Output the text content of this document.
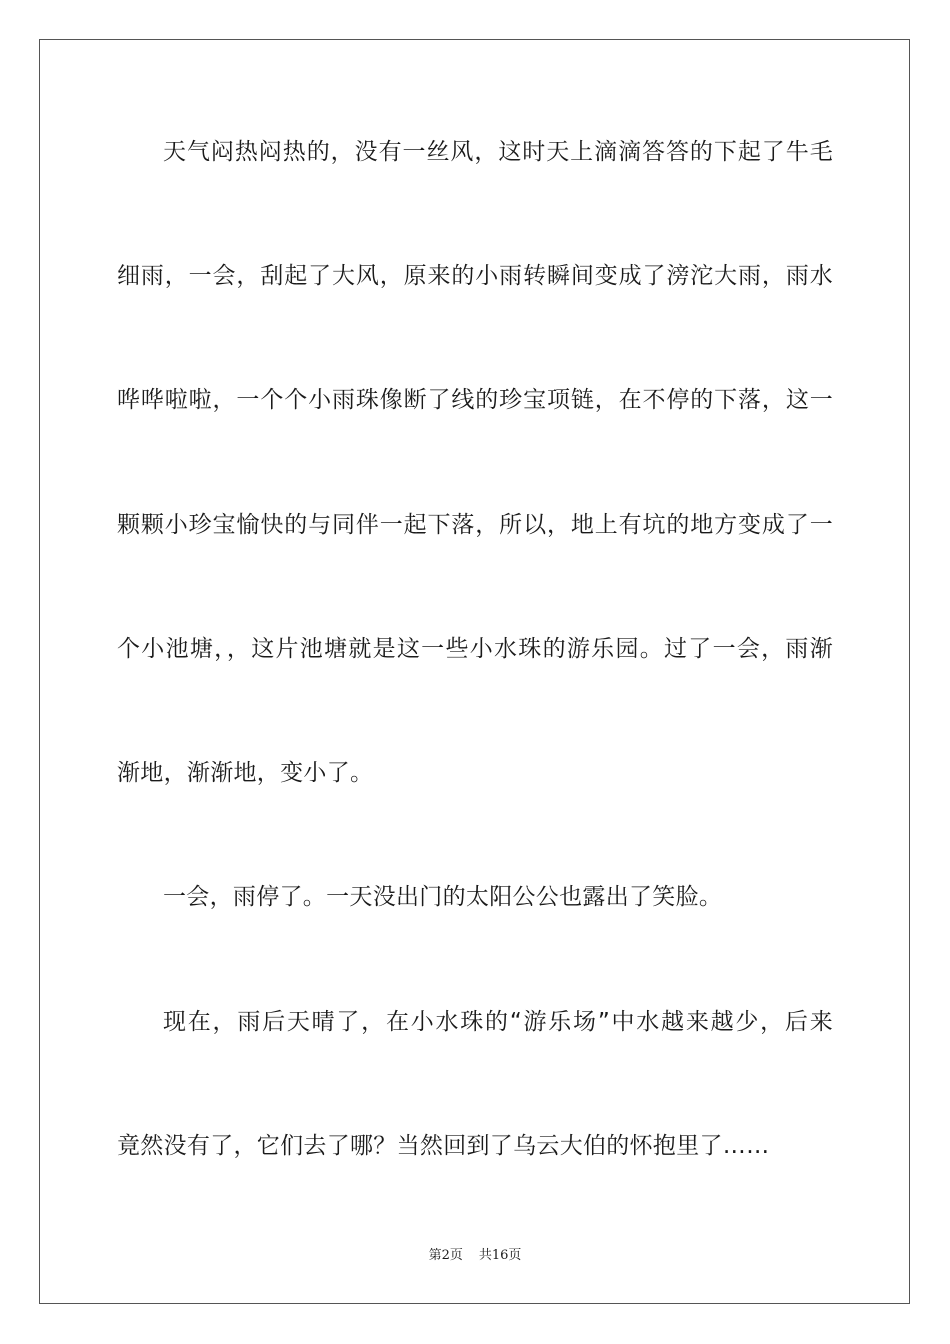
天气闷热闷热的，没有一丝风，这时天上滴滴答答的下起了牛毛
细雨，一会，刮起了大风，原来的小雨转瞬间变成了滂沱大雨，雨水
哗哗啦啦，一个个小雨珠像断了线的珍宝项链，在不停的下落，这一
颗颗小珍宝愉快的与同伴一起下落，所以，地上有坑的地方变成了一
个小池塘，，这片池塘就是这一些小水珠的游乐园。过了一会，雨渐
渐地，渐渐地，变小了。
一会，雨停了。一天没出门的太阳公公也露出了笑脸。
现在，雨后天晴了，在小水珠的“游乐场”中水越来越少，后来
竟然没有了，它们去了哪？当然回到了乌云大伯的怀抱里了……
第2页 共16页
